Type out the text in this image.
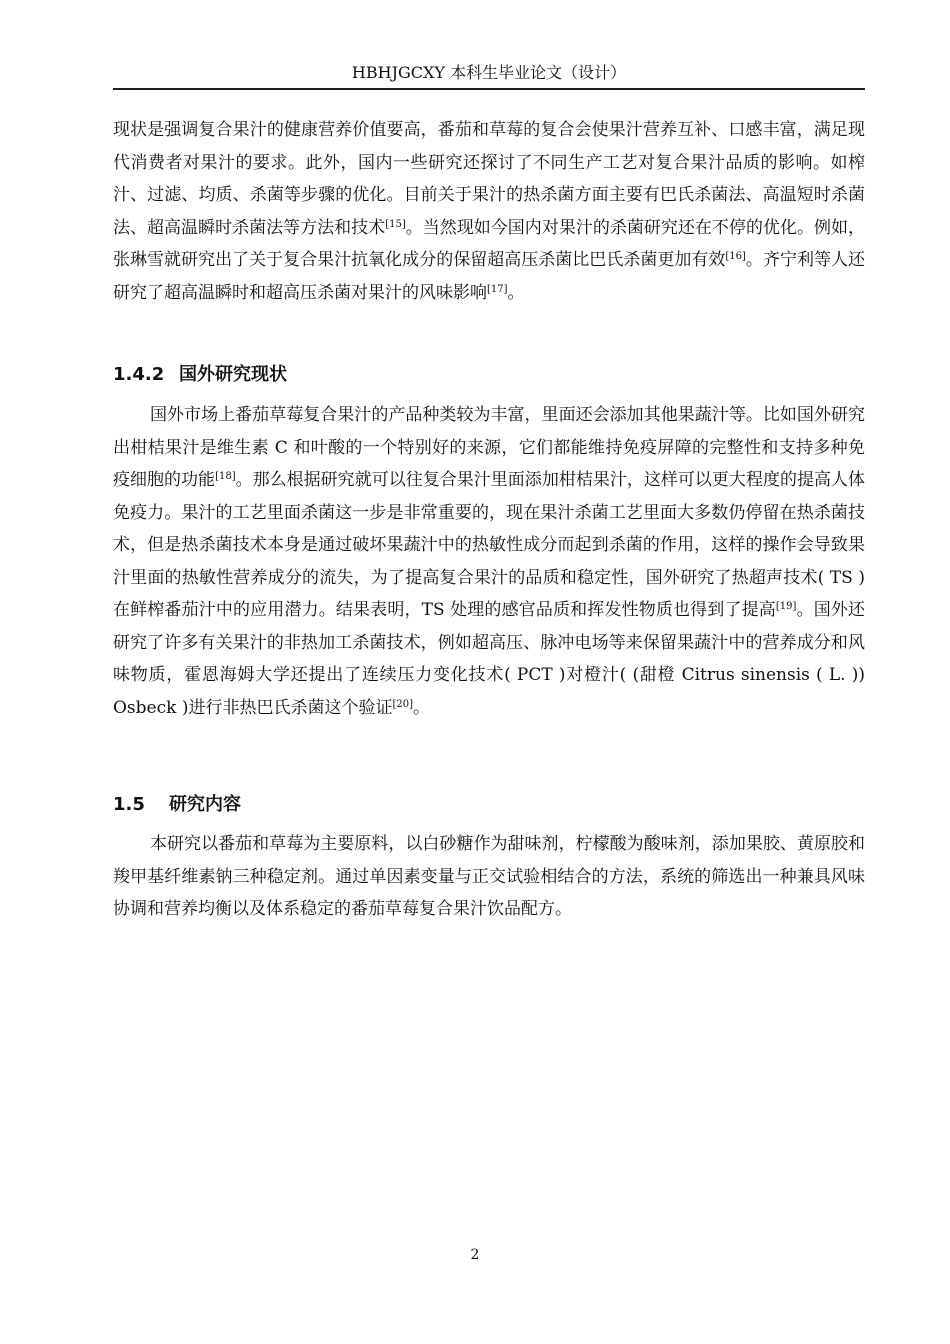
HBHJGCXY 本科生毕业论文（设计）

现状是强调复合果汁的健康营养价值要高，番茄和草莓的复合会使果汁营养互补、口感丰富，满足现代消费者对果汁的要求。此外，国内一些研究还探讨了不同生产工艺对复合果汁品质的影响。如榨汁、过滤、均质、杀菌等步骤的优化。目前关于果汁的热杀菌方面主要有巴氏杀菌法、高温短时杀菌法、超高温瞬时杀菌法等方法和技术[15]。当然现如今国内对果汁的杀菌研究还在不停的优化。例如，张琳雪就研究出了关于复合果汁抗氧化成分的保留超高压杀菌比巴氏杀菌更加有效[16]。齐宁利等人还研究了超高温瞬时和超高压杀菌对果汁的风味影响[17]。

1.4.2 国外研究现状

国外市场上番茄草莓复合果汁的产品种类较为丰富，里面还会添加其他果蔬汁等。比如国外研究出柑桔果汁是维生素 C 和叶酸的一个特别好的来源，它们都能维持免疫屏障的完整性和支持多种免疫细胞的功能[18]。那么根据研究就可以往复合果汁里面添加柑桔果汁，这样可以更大程度的提高人体免疫力。果汁的工艺里面杀菌这一步是非常重要的，现在果汁杀菌工艺里面大多数仍停留在热杀菌技术，但是热杀菌技术本身是通过破坏果蔬汁中的热敏性成分而起到杀菌的作用，这样的操作会导致果汁里面的热敏性营养成分的流失，为了提高复合果汁的品质和稳定性，国外研究了热超声技术( TS )在鲜榨番茄汁中的应用潜力。结果表明，TS 处理的感官品质和挥发性物质也得到了提高[19]。国外还研究了许多有关果汁的非热加工杀菌技术，例如超高压、脉冲电场等来保留果蔬汁中的营养成分和风味物质，霍恩海姆大学还提出了连续压力变化技术( PCT )对橙汁( (甜橙 Citrus sinensis ( L. )) Osbeck )进行非热巴氏杀菌这个验证[20]。

1.5 研究内容

本研究以番茄和草莓为主要原料，以白砂糖作为甜味剂，柠檬酸为酸味剂，添加果胶、黄原胶和羧甲基纤维素钠三种稳定剂。通过单因素变量与正交试验相结合的方法，系统的筛选出一种兼具风味协调和营养均衡以及体系稳定的番茄草莓复合果汁饮品配方。

2
